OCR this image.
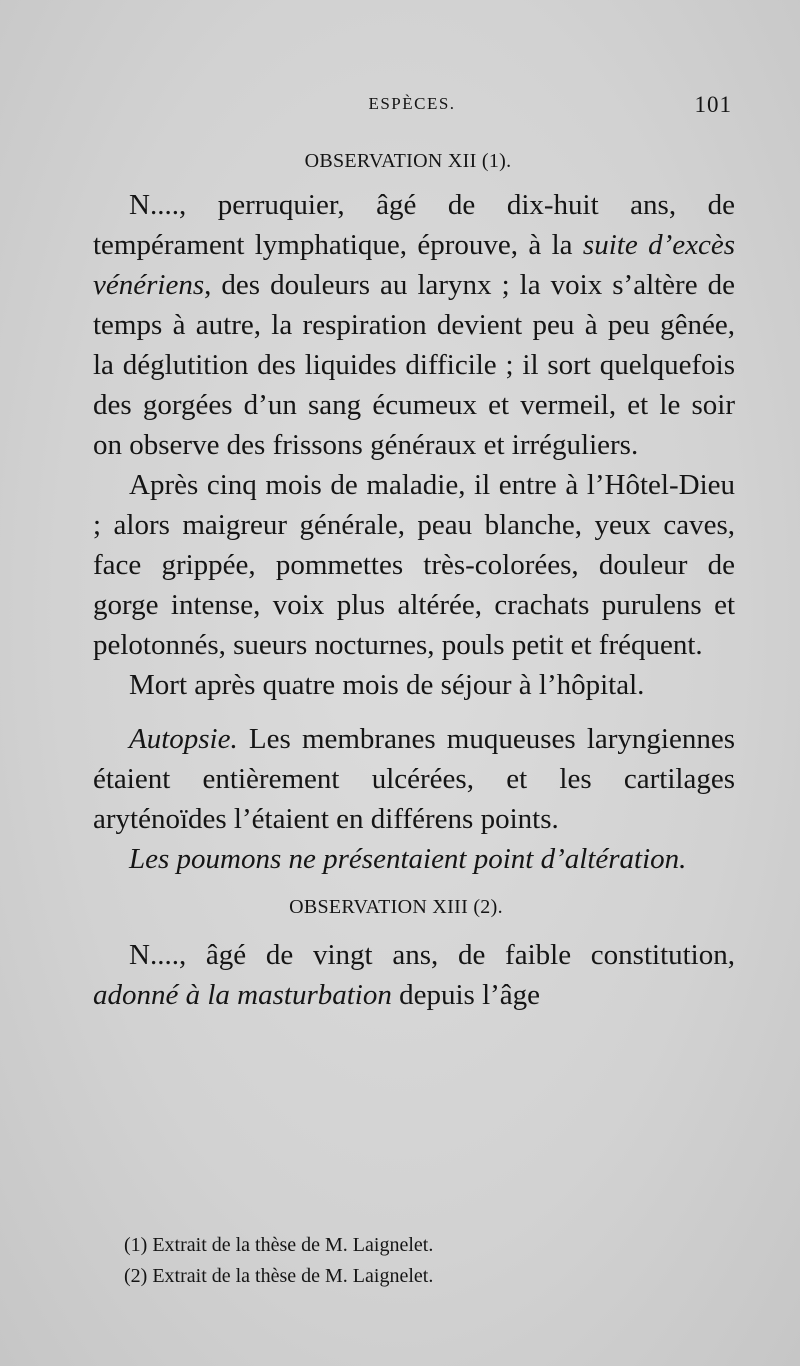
ESPÈCES.	101
OBSERVATION XII (1).

N...., perruquier, âgé de dix-huit ans, de tempérament lymphatique, éprouve, à la suite d’excès vénériens, des douleurs au larynx ; la voix s’altère de temps à autre, la respiration devient peu à peu gênée, la déglutition des liquides difficile ; il sort quelquefois des gorgées d’un sang écumeux et vermeil, et le soir on observe des frissons généraux et irréguliers.

Après cinq mois de maladie, il entre à l’Hôtel-Dieu ; alors maigreur générale, peau blanche, yeux caves, face grippée, pommettes très-colorées, douleur de gorge intense, voix plus altérée, crachats purulens et pelotonnés, sueurs nocturnes, pouls petit et fréquent.

Mort après quatre mois de séjour à l’hôpital.

Autopsie. Les membranes muqueuses laryngiennes étaient entièrement ulcérées, et les cartilages aryténoïdes l’étaient en différens points.

Les poumons ne présentaient point d’altération.

OBSERVATION XIII (2).

N...., âgé de vingt ans, de faible constitution, adonné à la masturbation depuis l’âge

(1) Extrait de la thèse de M. Laignelet.
(2) Extrait de la thèse de M. Laignelet.
